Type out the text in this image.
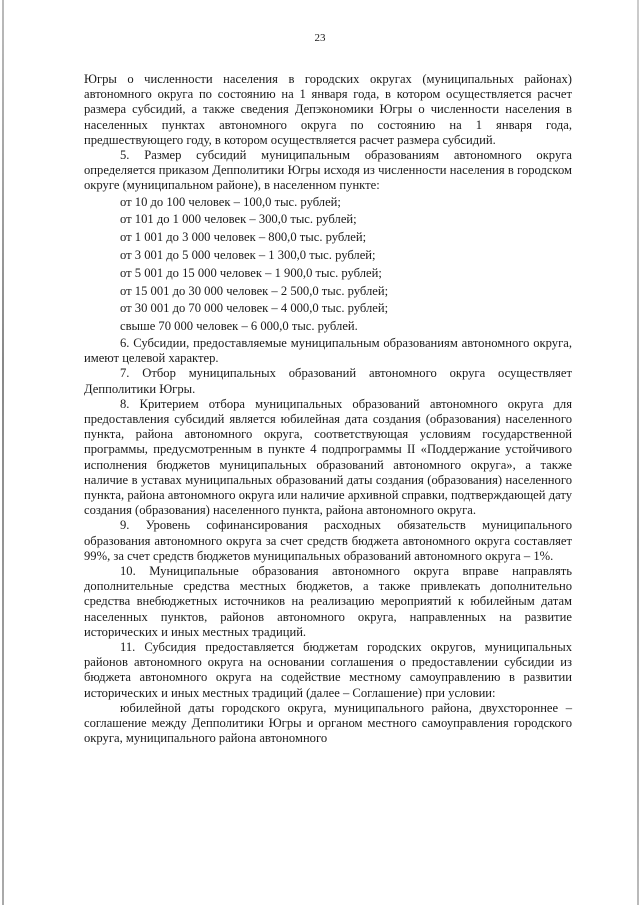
23

Югры о численности населения в городских округах (муниципальных районах) автономного округа по состоянию на 1 января года, в котором осуществляется расчет размера субсидий, а также сведения Депэкономики Югры о численности населения в населенных пунктах автономного округа по состоянию на 1 января года, предшествующего году, в котором осуществляется расчет размера субсидий.

5. Размер субсидий муниципальным образованиям автономного округа определяется приказом Депполитики Югры исходя из численности населения в городском округе (муниципальном районе), в населенном пункте:

от 10 до 100 человек – 100,0 тыс. рублей;
от 101 до 1 000 человек – 300,0 тыс. рублей;
от 1 001 до 3 000 человек – 800,0 тыс. рублей;
от 3 001 до 5 000 человек – 1 300,0 тыс. рублей;
от 5 001 до 15 000 человек – 1 900,0 тыс. рублей;
от 15 001 до 30 000 человек – 2 500,0 тыс. рублей;
от 30 001 до 70 000 человек – 4 000,0 тыс. рублей;
свыше 70 000 человек – 6 000,0 тыс. рублей.

6. Субсидии, предоставляемые муниципальным образованиям автономного округа, имеют целевой характер.

7. Отбор муниципальных образований автономного округа осуществляет Депполитики Югры.

8. Критерием отбора муниципальных образований автономного округа для предоставления субсидий является юбилейная дата создания (образования) населенного пункта, района автономного округа, соответствующая условиям государственной программы, предусмотренным в пункте 4 подпрограммы II «Поддержание устойчивого исполнения бюджетов муниципальных образований автономного округа», а также наличие в уставах муниципальных образований даты создания (образования) населенного пункта, района автономного округа или наличие архивной справки, подтверждающей дату создания (образования) населенного пункта, района автономного округа.

9. Уровень софинансирования расходных обязательств муниципального образования автономного округа за счет средств бюджета автономного округа составляет 99%, за счет средств бюджетов муниципальных образований автономного округа – 1%.

10. Муниципальные образования автономного округа вправе направлять дополнительные средства местных бюджетов, а также привлекать дополнительно средства внебюджетных источников на реализацию мероприятий к юбилейным датам населенных пунктов, районов автономного округа, направленных на развитие исторических и иных местных традиций.

11. Субсидия предоставляется бюджетам городских округов, муниципальных районов автономного округа на основании соглашения о предоставлении субсидии из бюджета автономного округа на содействие местному самоуправлению в развитии исторических и иных местных традиций (далее – Соглашение) при условии:

юбилейной даты городского округа, муниципального района, двухстороннее – соглашение между Депполитики Югры и органом местного самоуправления городского округа, муниципального района автономного
